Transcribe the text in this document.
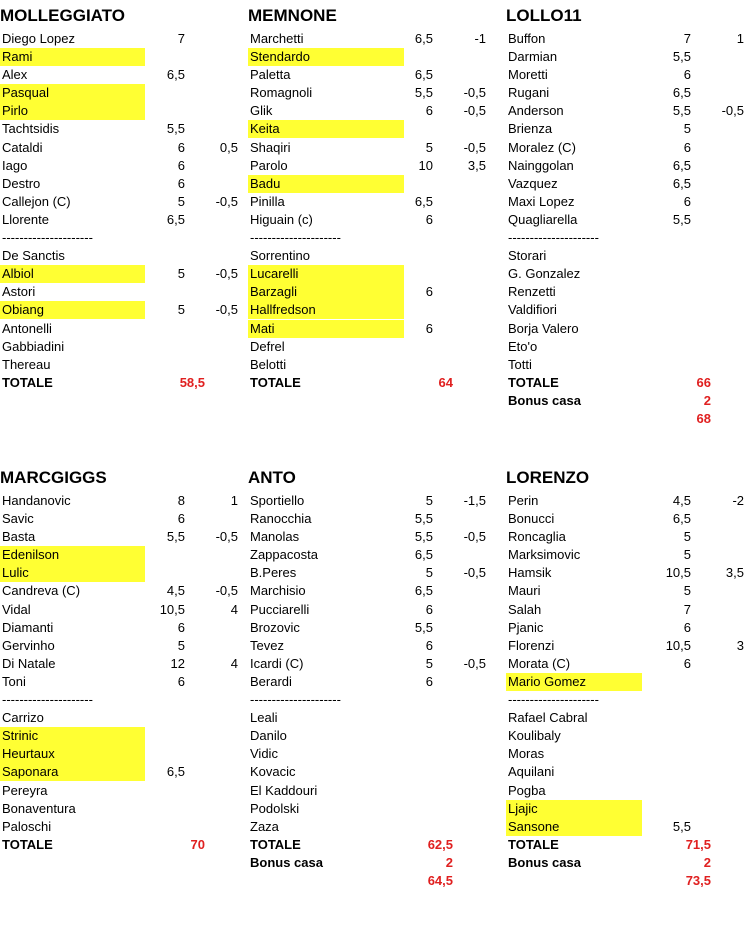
MOLLEGGIATO
Diego Lopez	7
Rami
Alex	6,5
Pasqual
Pirlo
Tachtsidis	5,5
Cataldi	6	0,5
Iago	6
Destro	6
Callejon (C)	5	-0,5
Llorente	6,5
---------------------
De Sanctis
Albiol	5	-0,5
Astori
Obiang	5	-0,5
Antonelli
Gabbiadini
Thereau
TOTALE	58,5
MEMNONE
Marchetti	6,5	-1
Stendardo
Paletta	6,5
Romagnoli	5,5	-0,5
Glik	6	-0,5
Keita
Shaqiri	5	-0,5
Parolo	10	3,5
Badu
Pinilla	6,5
Higuain (c)	6
---------------------
Sorrentino
Lucarelli
Barzagli	6
Hallfredson
Mati	6
Defrel
Belotti
TOTALE	64
LOLLO11
Buffon	7	1
Darmian	5,5
Moretti	6
Rugani	6,5
Anderson	5,5	-0,5
Brienza	5
Moralez (C)	6
Nainggolan	6,5
Vazquez	6,5
Maxi Lopez	6
Quagliarella	5,5
---------------------
Storari
G. Gonzalez
Renzetti
Valdifiori
Borja Valero
Eto'o
Totti
TOTALE	66
Bonus casa	2
68
MARCGIGGS
Handanovic	8	1
Savic	6
Basta	5,5	-0,5
Edenilson
Lulic
Candreva (C)	4,5	-0,5
Vidal	10,5	4
Diamanti	6
Gervinho	5
Di Natale	12	4
Toni	6
---------------------
Carrizo
Strinic
Heurtaux
Saponara	6,5
Pereyra
Bonaventura
Paloschi
TOTALE	70
ANTO
Sportiello	5	-1,5
Ranocchia	5,5
Manolas	5,5	-0,5
Zappacosta	6,5
B.Peres	5	-0,5
Marchisio	6,5
Pucciarelli	6
Brozovic	5,5
Tevez	6
Icardi (C)	5	-0,5
Berardi	6
---------------------
Leali
Danilo
Vidic
Kovacic
El Kaddouri
Podolski
Zaza
TOTALE	62,5
Bonus casa	2
64,5
LORENZO
Perin	4,5	-2
Bonucci	6,5
Roncaglia	5
Marksimovic	5
Hamsik	10,5	3,5
Mauri	5
Salah	7
Pjanic	6
Florenzi	10,5	3
Morata (C)	6
Mario Gomez
---------------------
Rafael Cabral
Koulibaly
Moras
Aquilani
Pogba
Ljajic
Sansone	5,5
TOTALE	71,5
Bonus casa	2
73,5
